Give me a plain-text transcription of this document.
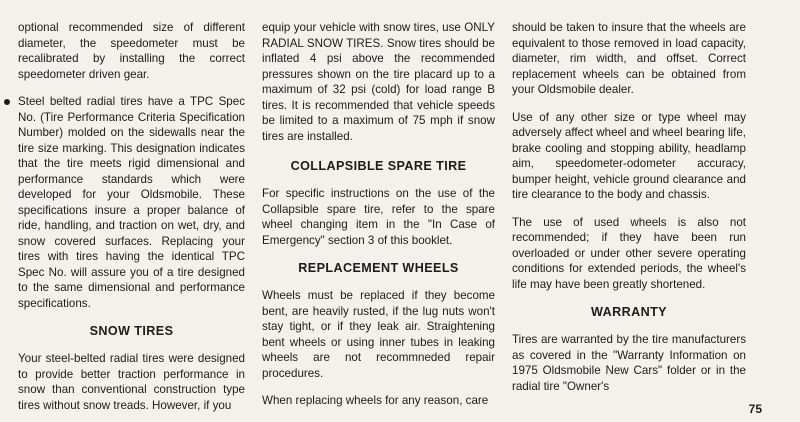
optional recommended size of different diameter, the speedometer must be recalibrated by installing the correct speedometer driven gear.

Steel belted radial tires have a TPC Spec No. (Tire Performance Criteria Specification Number) molded on the sidewalls near the tire size marking. This designation indicates that the tire meets rigid dimensional and performance standards which were developed for your Oldsmobile. These specifications insure a proper balance of ride, handling, and traction on wet, dry, and snow covered surfaces. Replacing your tires with tires having the identical TPC Spec No. will assure you of a tire designed to the same dimensional and performance specifications.

SNOW TIRES

Your steel-belted radial tires were designed to provide better traction performance in snow than conventional construction type tires without snow treads. However, if you

equip your vehicle with snow tires, use ONLY RADIAL SNOW TIRES. Snow tires should be inflated 4 psi above the recommended pressures shown on the tire placard up to a maximum of 32 psi (cold) for load range B tires. It is recommended that vehicle speeds be limited to a maximum of 75 mph if snow tires are installed.

COLLAPSIBLE SPARE TIRE

For specific instructions on the use of the Collapsible spare tire, refer to the spare wheel changing item in the "In Case of Emergency" section 3 of this booklet.

REPLACEMENT WHEELS

Wheels must be replaced if they become bent, are heavily rusted, if the lug nuts won't stay tight, or if they leak air. Straightening bent wheels or using inner tubes in leaking wheels are not recommneded repair procedures.

When replacing wheels for any reason, care

should be taken to insure that the wheels are equivalent to those removed in load capacity, diameter, rim width, and offset. Correct replacement wheels can be obtained from your Oldsmobile dealer.

Use of any other size or type wheel may adversely affect wheel and wheel bearing life, brake cooling and stopping ability, headlamp aim, speedometer-odometer accuracy, bumper height, vehicle ground clearance and tire clearance to the body and chassis.

The use of used wheels is also not recommended; if they have been run overloaded or under other severe operating conditions for extended periods, the wheel's life may have been greatly shortened.

WARRANTY

Tires are warranted by the tire manufacturers as covered in the "Warranty Information on 1975 Oldsmobile New Cars" folder or in the radial tire "Owner's

75
